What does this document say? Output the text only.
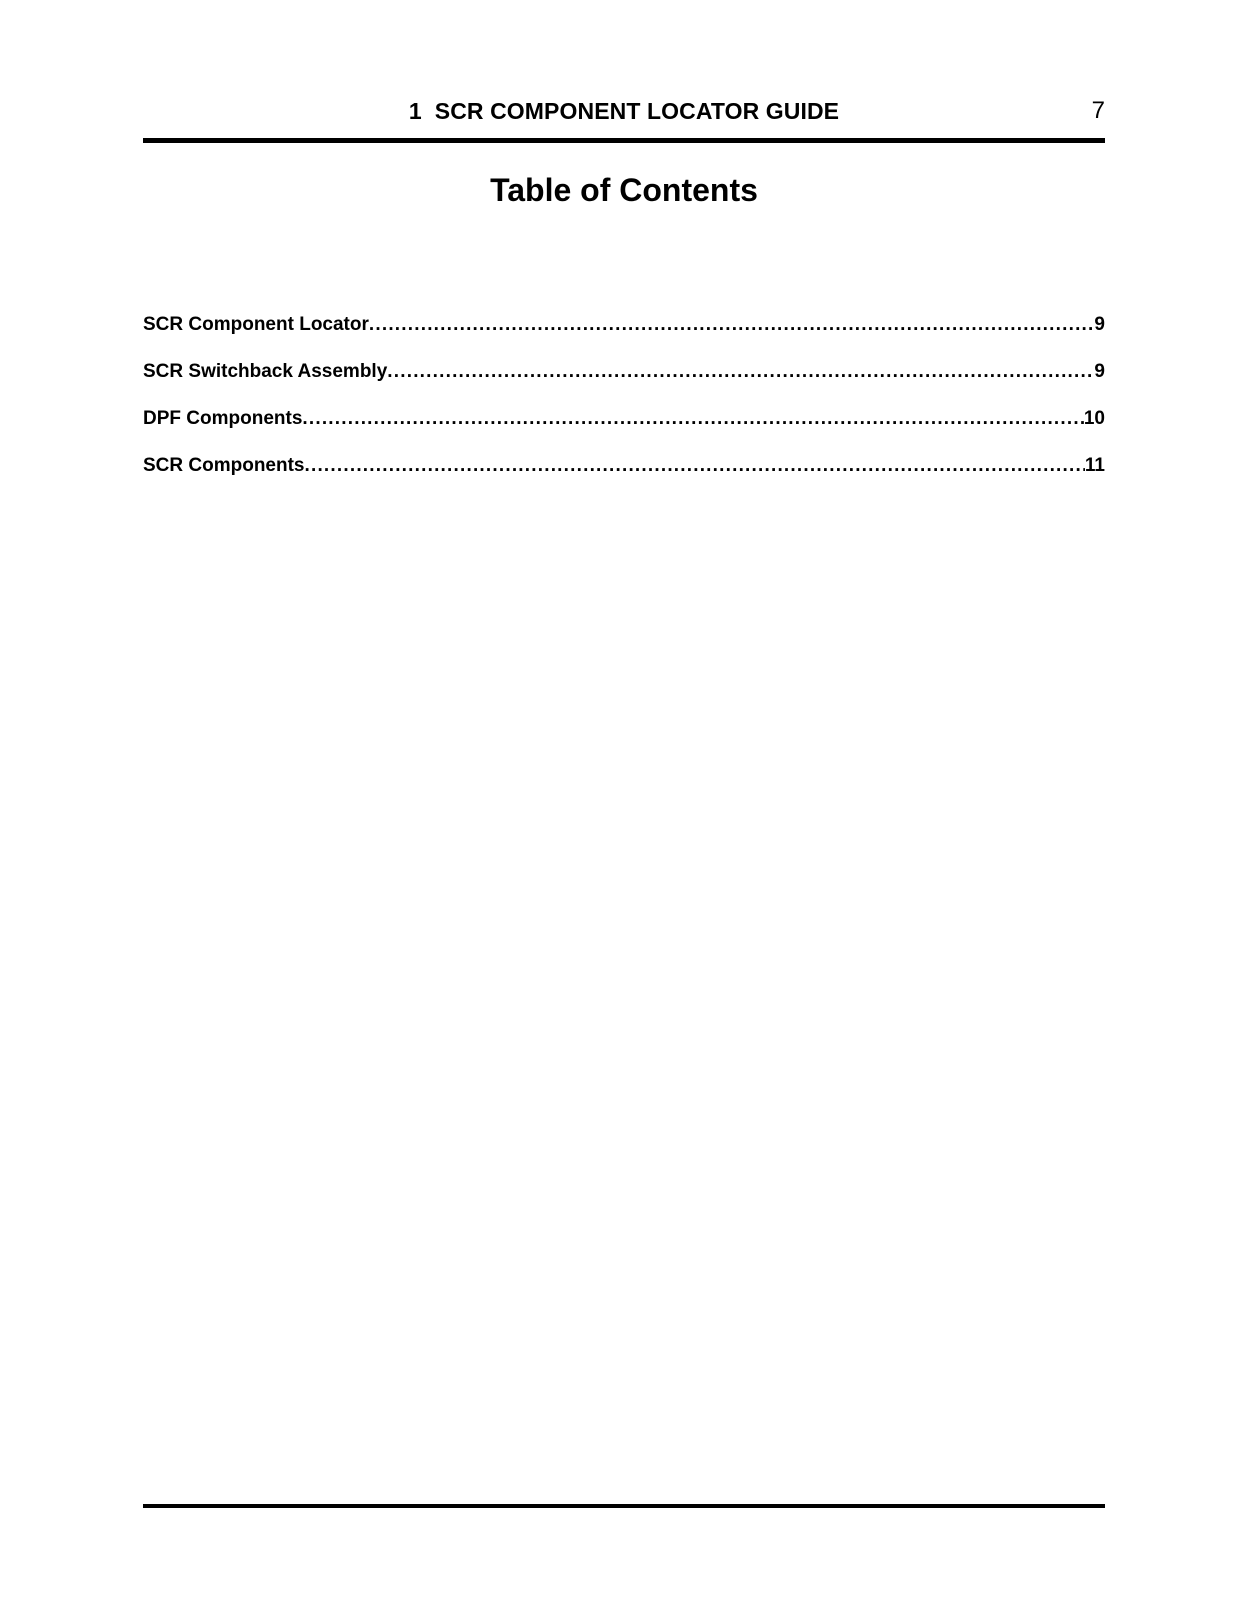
1  SCR COMPONENT LOCATOR GUIDE	7
Table of Contents
SCR Component Locator .....	9
SCR Switchback Assembly .....	9
DPF Components .....	10
SCR Components .....	11
